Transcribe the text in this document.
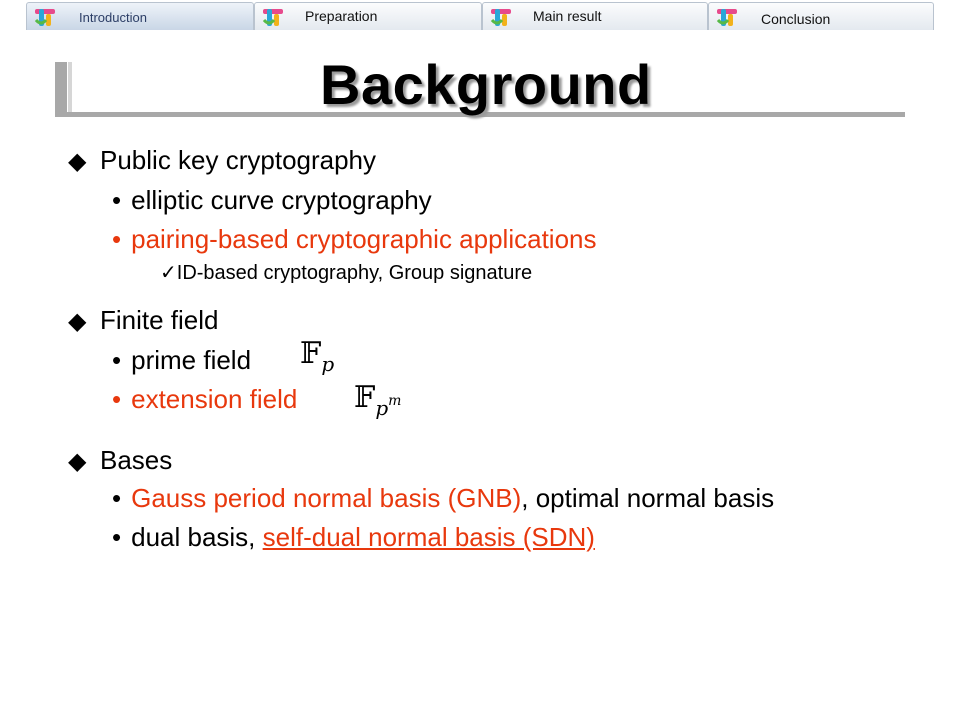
Introduction	Preparation	Main result	Conclusion
Background
◆ Public key cryptography
• elliptic curve cryptography
• pairing-based cryptographic applications
✓ID-based cryptography, Group signature
◆ Finite field
• prime field 𝔽p
• extension field 𝔽pm
◆ Bases
• Gauss period normal basis (GNB), optimal normal basis
• dual basis, self-dual normal basis (SDN)
